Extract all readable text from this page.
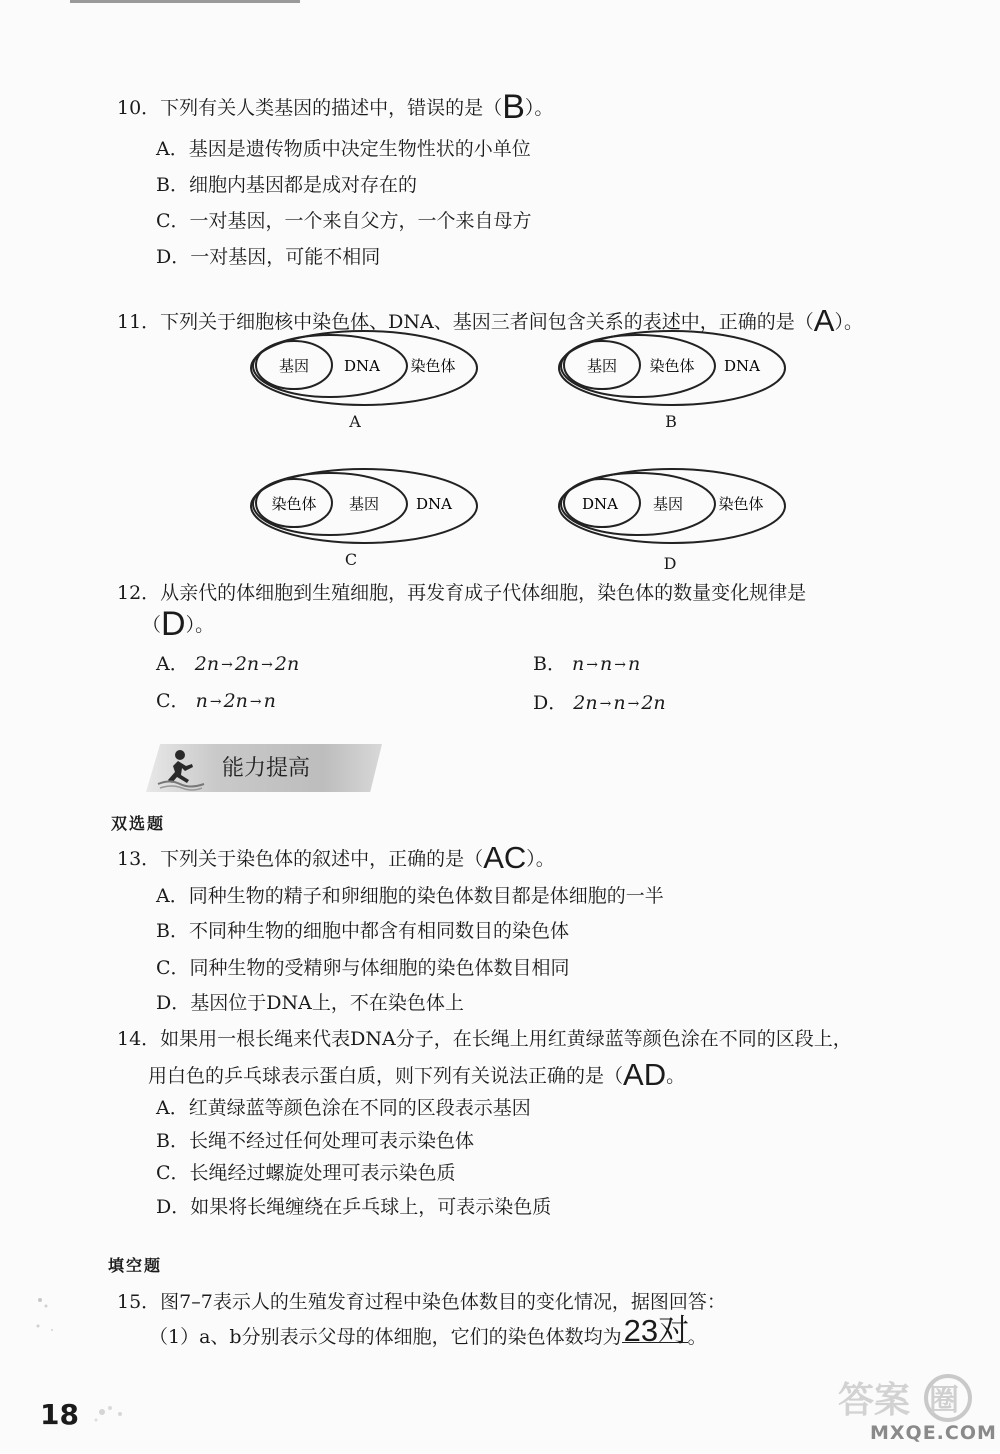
10．下列有关人类基因的描述中，错误的是（B）。
A．基因是遗传物质中决定生物性状的小单位
B．细胞内基因都是成对存在的
C．一对基因，一个来自父方，一个来自母方
D．一对基因，可能不相同
11．下列关于细胞核中染色体、DNA、基因三者间包含关系的表述中，正确的是（A）。
基因 DNA 染色体
A
基因 染色体 DNA
B
染色体 基因 DNA
C
DNA 基因 染色体
D
12．从亲代的体细胞到生殖细胞，再发育成子代体细胞，染色体的数量变化规律是
（D）。
A． 2n → 2n → 2n	B． n → n → n
C． n → 2n → n	D． 2n → n → 2n
能力提高
双选题
13．下列关于染色体的叙述中，正确的是（AC）。
A．同种生物的精子和卵细胞的染色体数目都是体细胞的一半
B．不同种生物的细胞中都含有相同数目的染色体
C．同种生物的受精卵与体细胞的染色体数目相同
D．基因位于DNA上，不在染色体上
14．如果用一根长绳来代表DNA分子，在长绳上用红黄绿蓝等颜色涂在不同的区段上，
用白色的乒乓球表示蛋白质，则下列有关说法正确的是（AD。
A．红黄绿蓝等颜色涂在不同的区段表示基因
B．长绳不经过任何处理可表示染色体
C．长绳经过螺旋处理可表示染色质
D．如果将长绳缠绕在乒乓球上，可表示染色质
填空题
15．图7–7表示人的生殖发育过程中染色体数目的变化情况，据图回答：
（1）a、b分别表示父母的体细胞，它们的染色体数均为 23对
。
18	答案 圈
MXQE.COM
